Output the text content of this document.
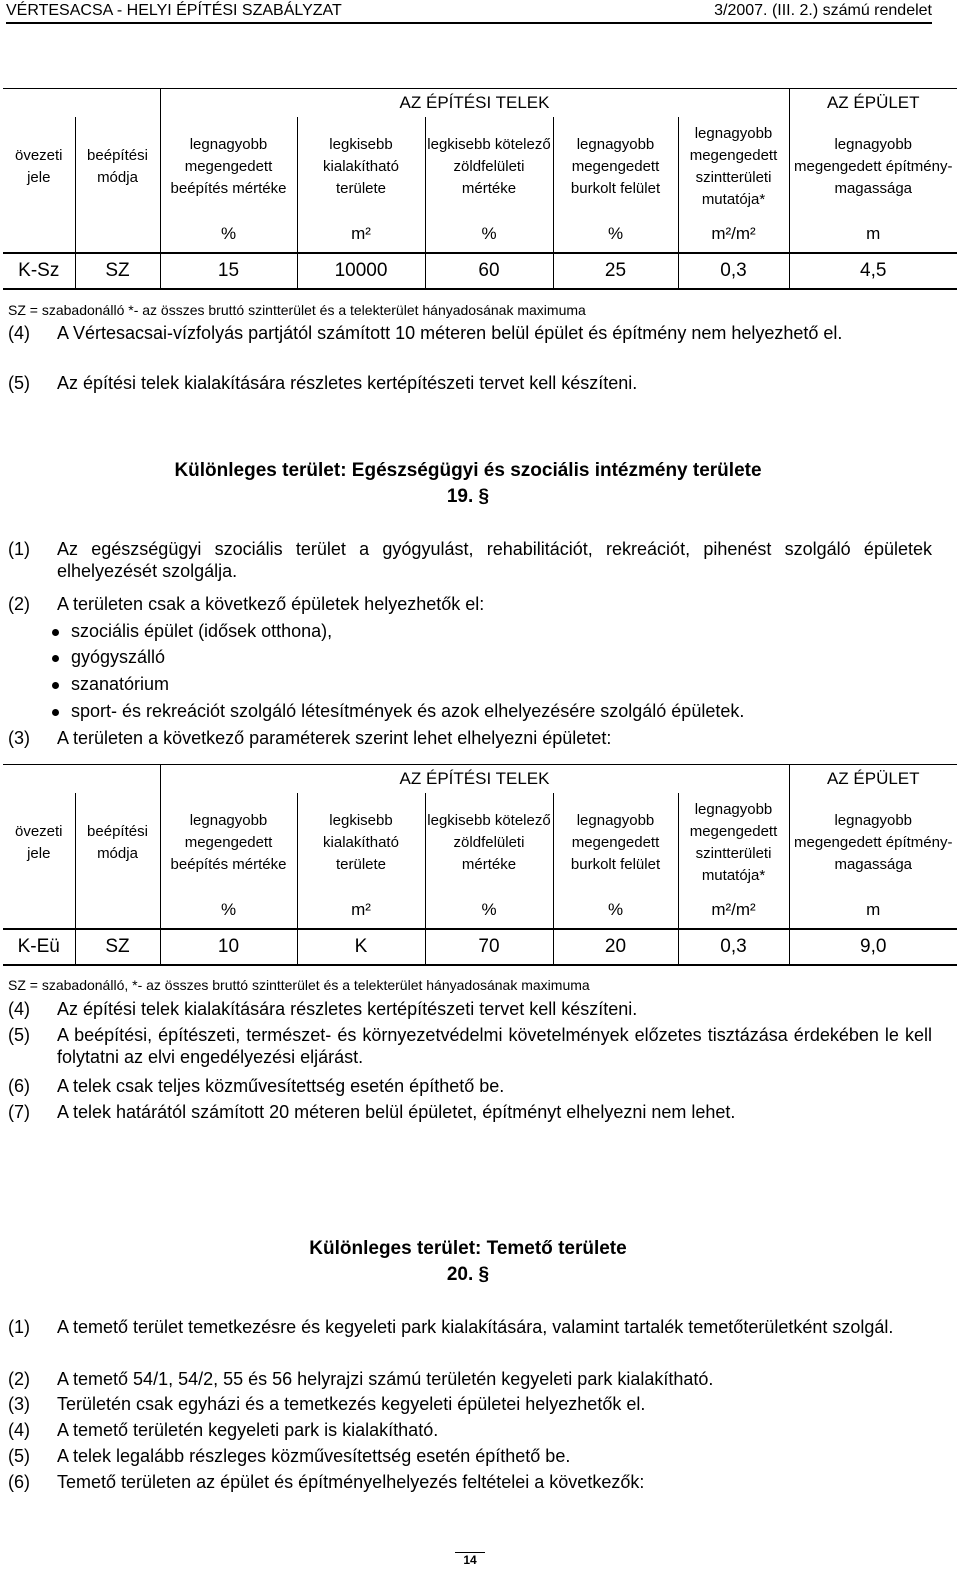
VÉRTESACSA - HELYI ÉPÍTÉSI SZABÁLYZAT	3/2007. (III. 2.) számú rendelet
		AZ ÉPÍTÉSI TELEK					AZ ÉPÜLET
övezeti jele	beépítési módja	legnagyobb megengedett beépítés mértéke	legkisebb kialakítható területe	legkisebb kötelező zöldfelületi mértéke	legnagyobb megengedett burkolt felület	legnagyobb megengedett szintterületi mutatója*	legnagyobb megengedett építmény-magassága
		%	m²	%	%	m²/m²	m
K-Sz	SZ	15	10000	60	25	0,3	4,5
SZ = szabadonálló *- az összes bruttó szintterület és a telekterület hányadosának maximuma
(4) A Vértesacsai-vízfolyás partjától számított 10 méteren belül épület és építmény nem helyezhető el.
(5) Az építési telek kialakítására részletes kertépítészeti tervet kell készíteni.
Különleges terület: Egészségügyi és szociális intézmény területe
19. §
(1) Az egészségügyi szociális terület a gyógyulást, rehabilitációt, rekreációt, pihenést szolgáló épületek elhelyezését szolgálja.
(2) A területen csak a következő épületek helyezhetők el:
szociális épület (idősek otthona),
gyógyszálló
szanatórium
sport- és rekreációt szolgáló létesítmények és azok elhelyezésére szolgáló épületek.
(3) A területen a következő paraméterek szerint lehet elhelyezni épületet:
		AZ ÉPÍTÉSI TELEK					AZ ÉPÜLET
övezeti jele	beépítési módja	legnagyobb megengedett beépítés mértéke	legkisebb kialakítható területe	legkisebb kötelező zöldfelületi mértéke	legnagyobb megengedett burkolt felület	legnagyobb megengedett szintterületi mutatója*	legnagyobb megengedett építmény-magassága
		%	m²	%	%	m²/m²	m
K-Eü	SZ	10	K	70	20	0,3	9,0
SZ = szabadonálló, *- az összes bruttó szintterület és a telekterület hányadosának maximuma
(4) Az építési telek kialakítására részletes kertépítészeti tervet kell készíteni.
(5) A beépítési, építészeti, természet- és környezetvédelmi követelmények előzetes tisztázása érdekében le kell folytatni az elvi engedélyezési eljárást.
(6) A telek csak teljes közművesítettség esetén építhető be.
(7) A telek határától számított 20 méteren belül épületet, építményt elhelyezni nem lehet.
Különleges terület: Temető területe
20. §
(1) A temető terület temetkezésre és kegyeleti park kialakítására, valamint tartalék temetőterületként szolgál.
(2) A temető 54/1, 54/2, 55 és 56 helyrajzi számú területén kegyeleti park kialakítható.
(3) Területén csak egyházi és a temetkezés kegyeleti épületei helyezhetők el.
(4) A temető területén kegyeleti park is kialakítható.
(5) A telek legalább részleges közművesítettség esetén építhető be.
(6) Temető területen az épület és építményelhelyezés feltételei a következők:
14
